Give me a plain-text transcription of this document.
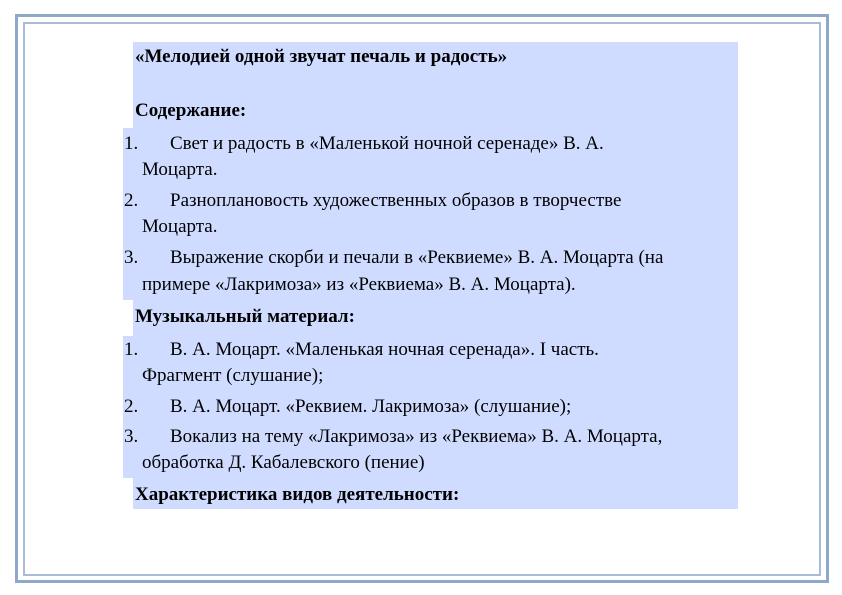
«Мелодией одной звучат печаль и радость»
Содержание:
1. Свет и радость в «Маленькой ночной серенаде» В. А.
Моцарта.
2. Разноплановость художественных образов в творчестве
Моцарта.
3. Выражение скорби и печали в «Реквиеме» В. А. Моцарта (на
примере «Лакримоза» из «Реквиема» В. А. Моцарта).
Музыкальный материал:
1. В. А. Моцарт. «Маленькая ночная серенада». I часть.
Фрагмент (слушание);
2. В. А. Моцарт. «Реквием. Лакримоза» (слушание);
3. Вокализ на тему «Лакримоза» из «Реквиема» В. А. Моцарта,
обработка Д. Кабалевского (пение)
Характеристика видов деятельности:
